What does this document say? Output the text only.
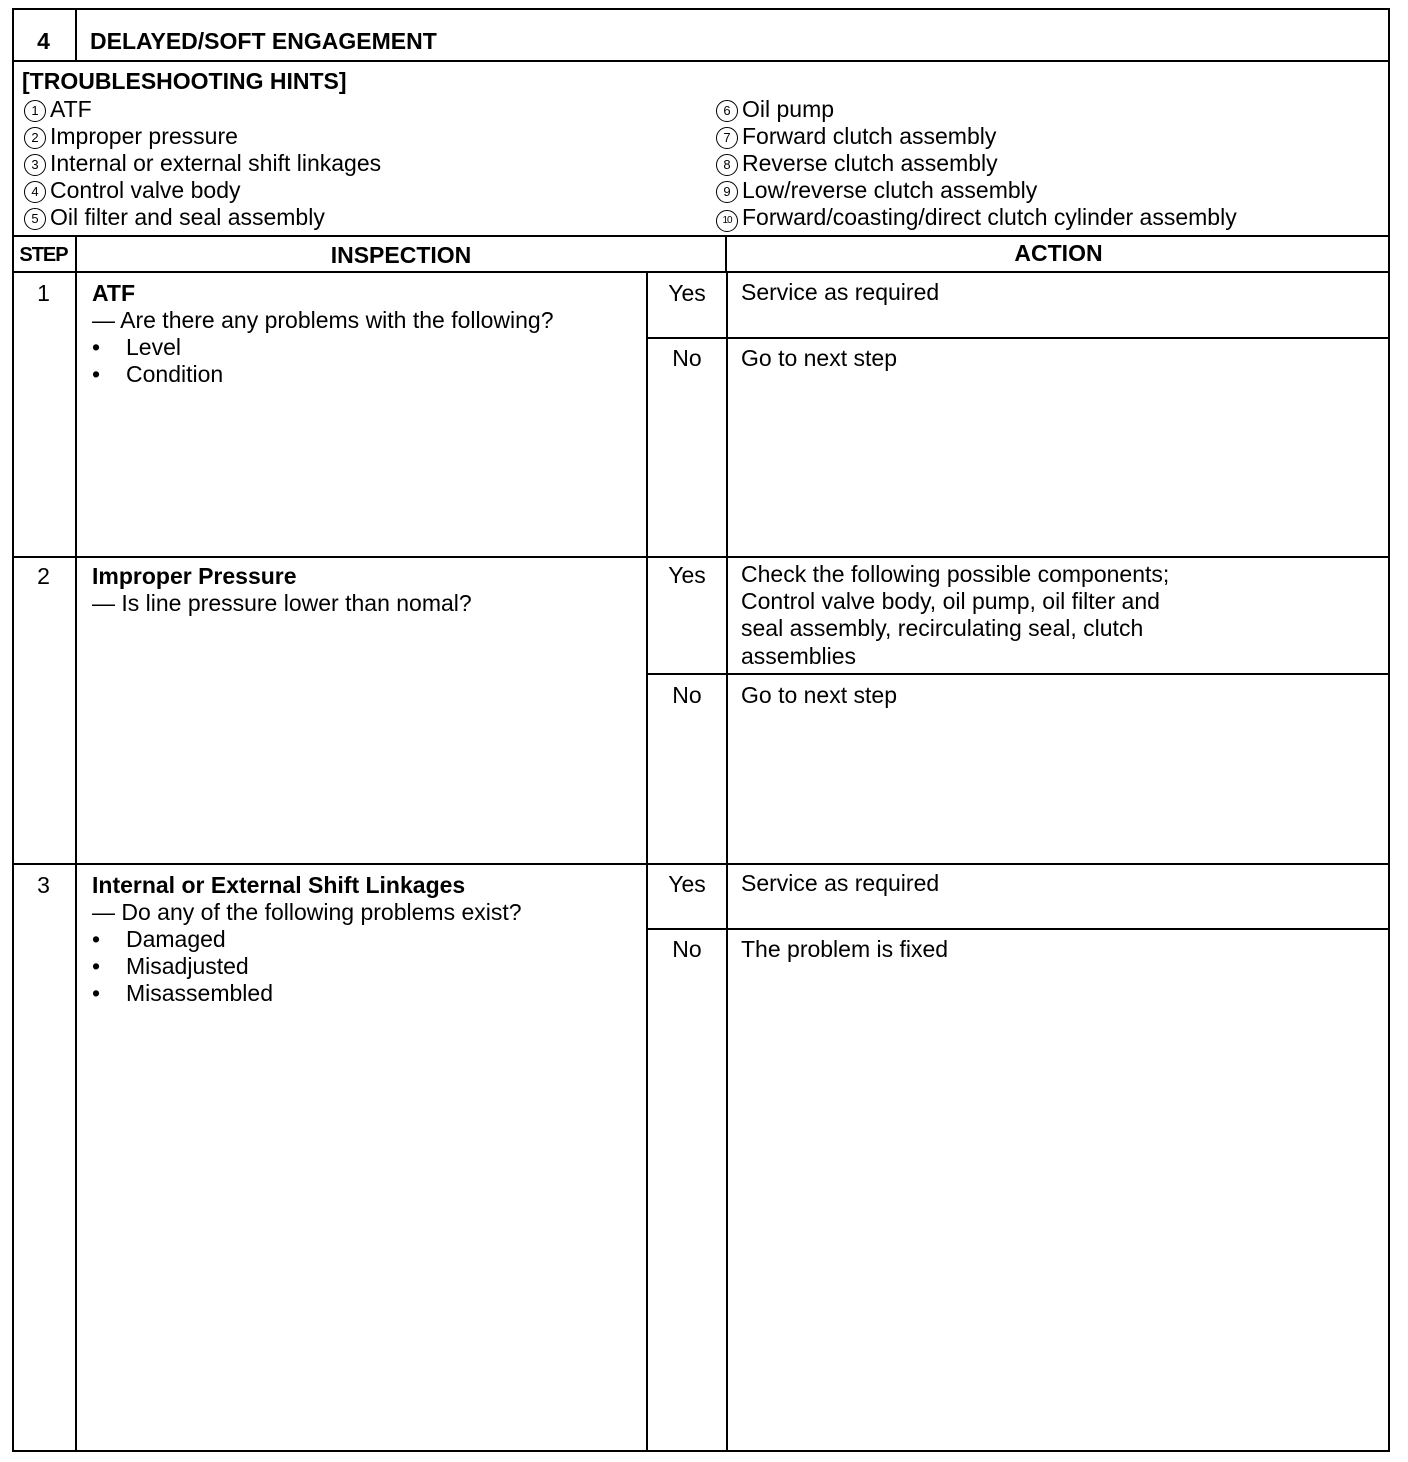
4	DELAYED/SOFT ENGAGEMENT
[TROUBLESHOOTING HINTS]
1 ATF
2 Improper pressure
3 Internal or external shift linkages
4 Control valve body
5 Oil filter and seal assembly
6 Oil pump
7 Forward clutch assembly
8 Reverse clutch assembly
9 Low/reverse clutch assembly
10 Forward/coasting/direct clutch cylinder assembly
STEP	INSPECTION	ACTION
1	ATF
— Are there any problems with the following?
• Level
• Condition
Yes	Service as required
No	Go to next step
2	Improper Pressure
— Is line pressure lower than nomal?
Yes	Check the following possible components;
Control valve body, oil pump, oil filter and
seal assembly, recirculating seal, clutch
assemblies
No	Go to next step
3	Internal or External Shift Linkages
— Do any of the following problems exist?
• Damaged
• Misadjusted
• Misassembled
Yes	Service as required
No	The problem is fixed
